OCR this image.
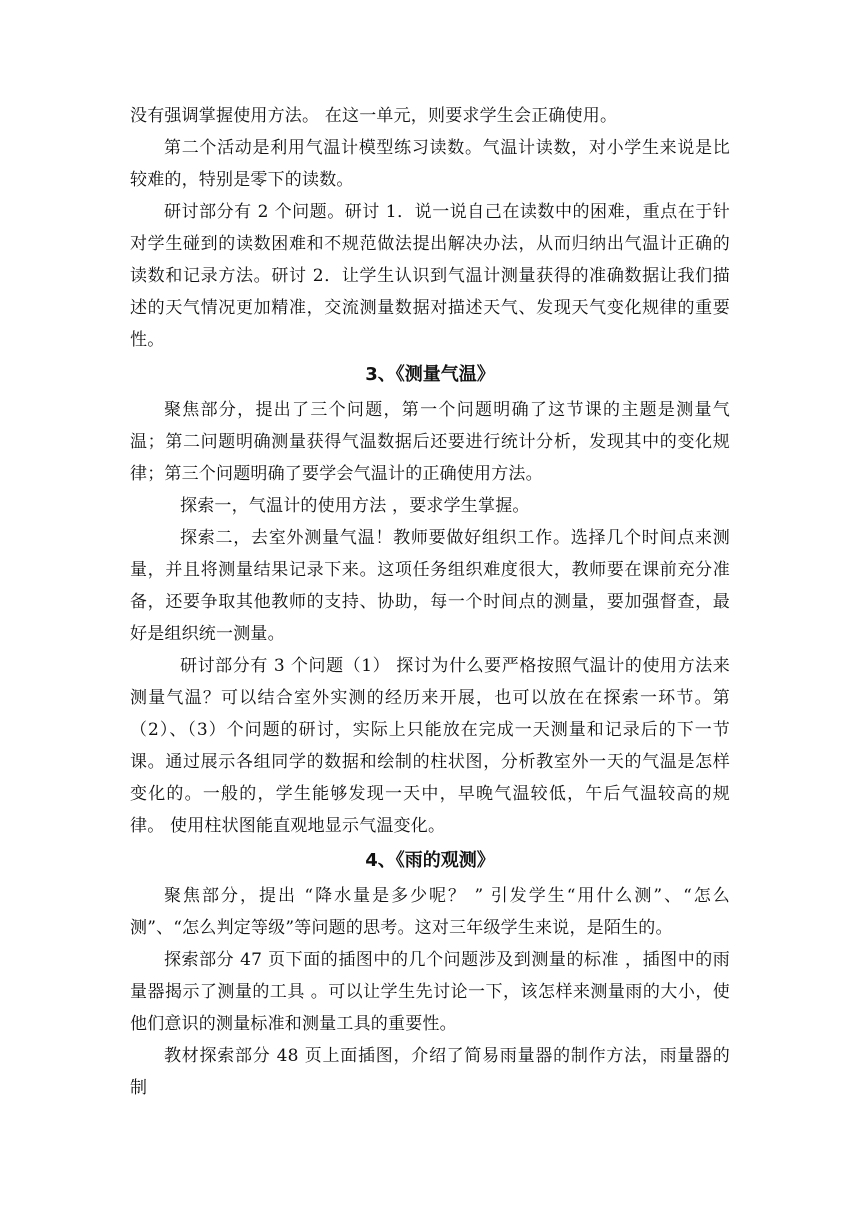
没有强调掌握使用方法。 在这一单元，则要求学生会正确使用。

第二个活动是利用气温计模型练习读数。气温计读数，对小学生来说是比较难的，特别是零下的读数。

研讨部分有 2 个问题。研讨 1．说一说自己在读数中的困难，重点在于针对学生碰到的读数困难和不规范做法提出解决办法，从而归纳出气温计正确的读数和记录方法。研讨 2．让学生认识到气温计测量获得的准确数据让我们描述的天气情况更加精准，交流测量数据对描述天气、发现天气变化规律的重要性。

3、《测量气温》

聚焦部分，提出了三个问题，第一个问题明确了这节课的主题是测量气温；第二问题明确测量获得气温数据后还要进行统计分析，发现其中的变化规律；第三个问题明确了要学会气温计的正确使用方法。

探索一，气温计的使用方法 ，要求学生掌握。

探索二，去室外测量气温！教师要做好组织工作。选择几个时间点来测量，并且将测量结果记录下来。这项任务组织难度很大，教师要在课前充分准备，还要争取其他教师的支持、协助，每一个时间点的测量，要加强督查，最好是组织统一测量。

研讨部分有 3 个问题（1） 探讨为什么要严格按照气温计的使用方法来测量气温？可以结合室外实测的经历来开展，也可以放在在探索一环节。第（2）、（3）个问题的研讨，实际上只能放在完成一天测量和记录后的下一节课。通过展示各组同学的数据和绘制的柱状图，分析教室外一天的气温是怎样变化的。一般的，学生能够发现一天中，早晚气温较低，午后气温较高的规律。 使用柱状图能直观地显示气温变化。

4、《雨的观测》

聚焦部分，提出 “降水量是多少呢？ ” 引发学生“用什么测”、“怎么测”、“怎么判定等级”等问题的思考。这对三年级学生来说，是陌生的。

探索部分 47 页下面的插图中的几个问题涉及到测量的标准 ，插图中的雨量器揭示了测量的工具 。可以让学生先讨论一下，该怎样来测量雨的大小，使他们意识的测量标准和测量工具的重要性。

教材探索部分 48 页上面插图，介绍了简易雨量器的制作方法，雨量器的制
